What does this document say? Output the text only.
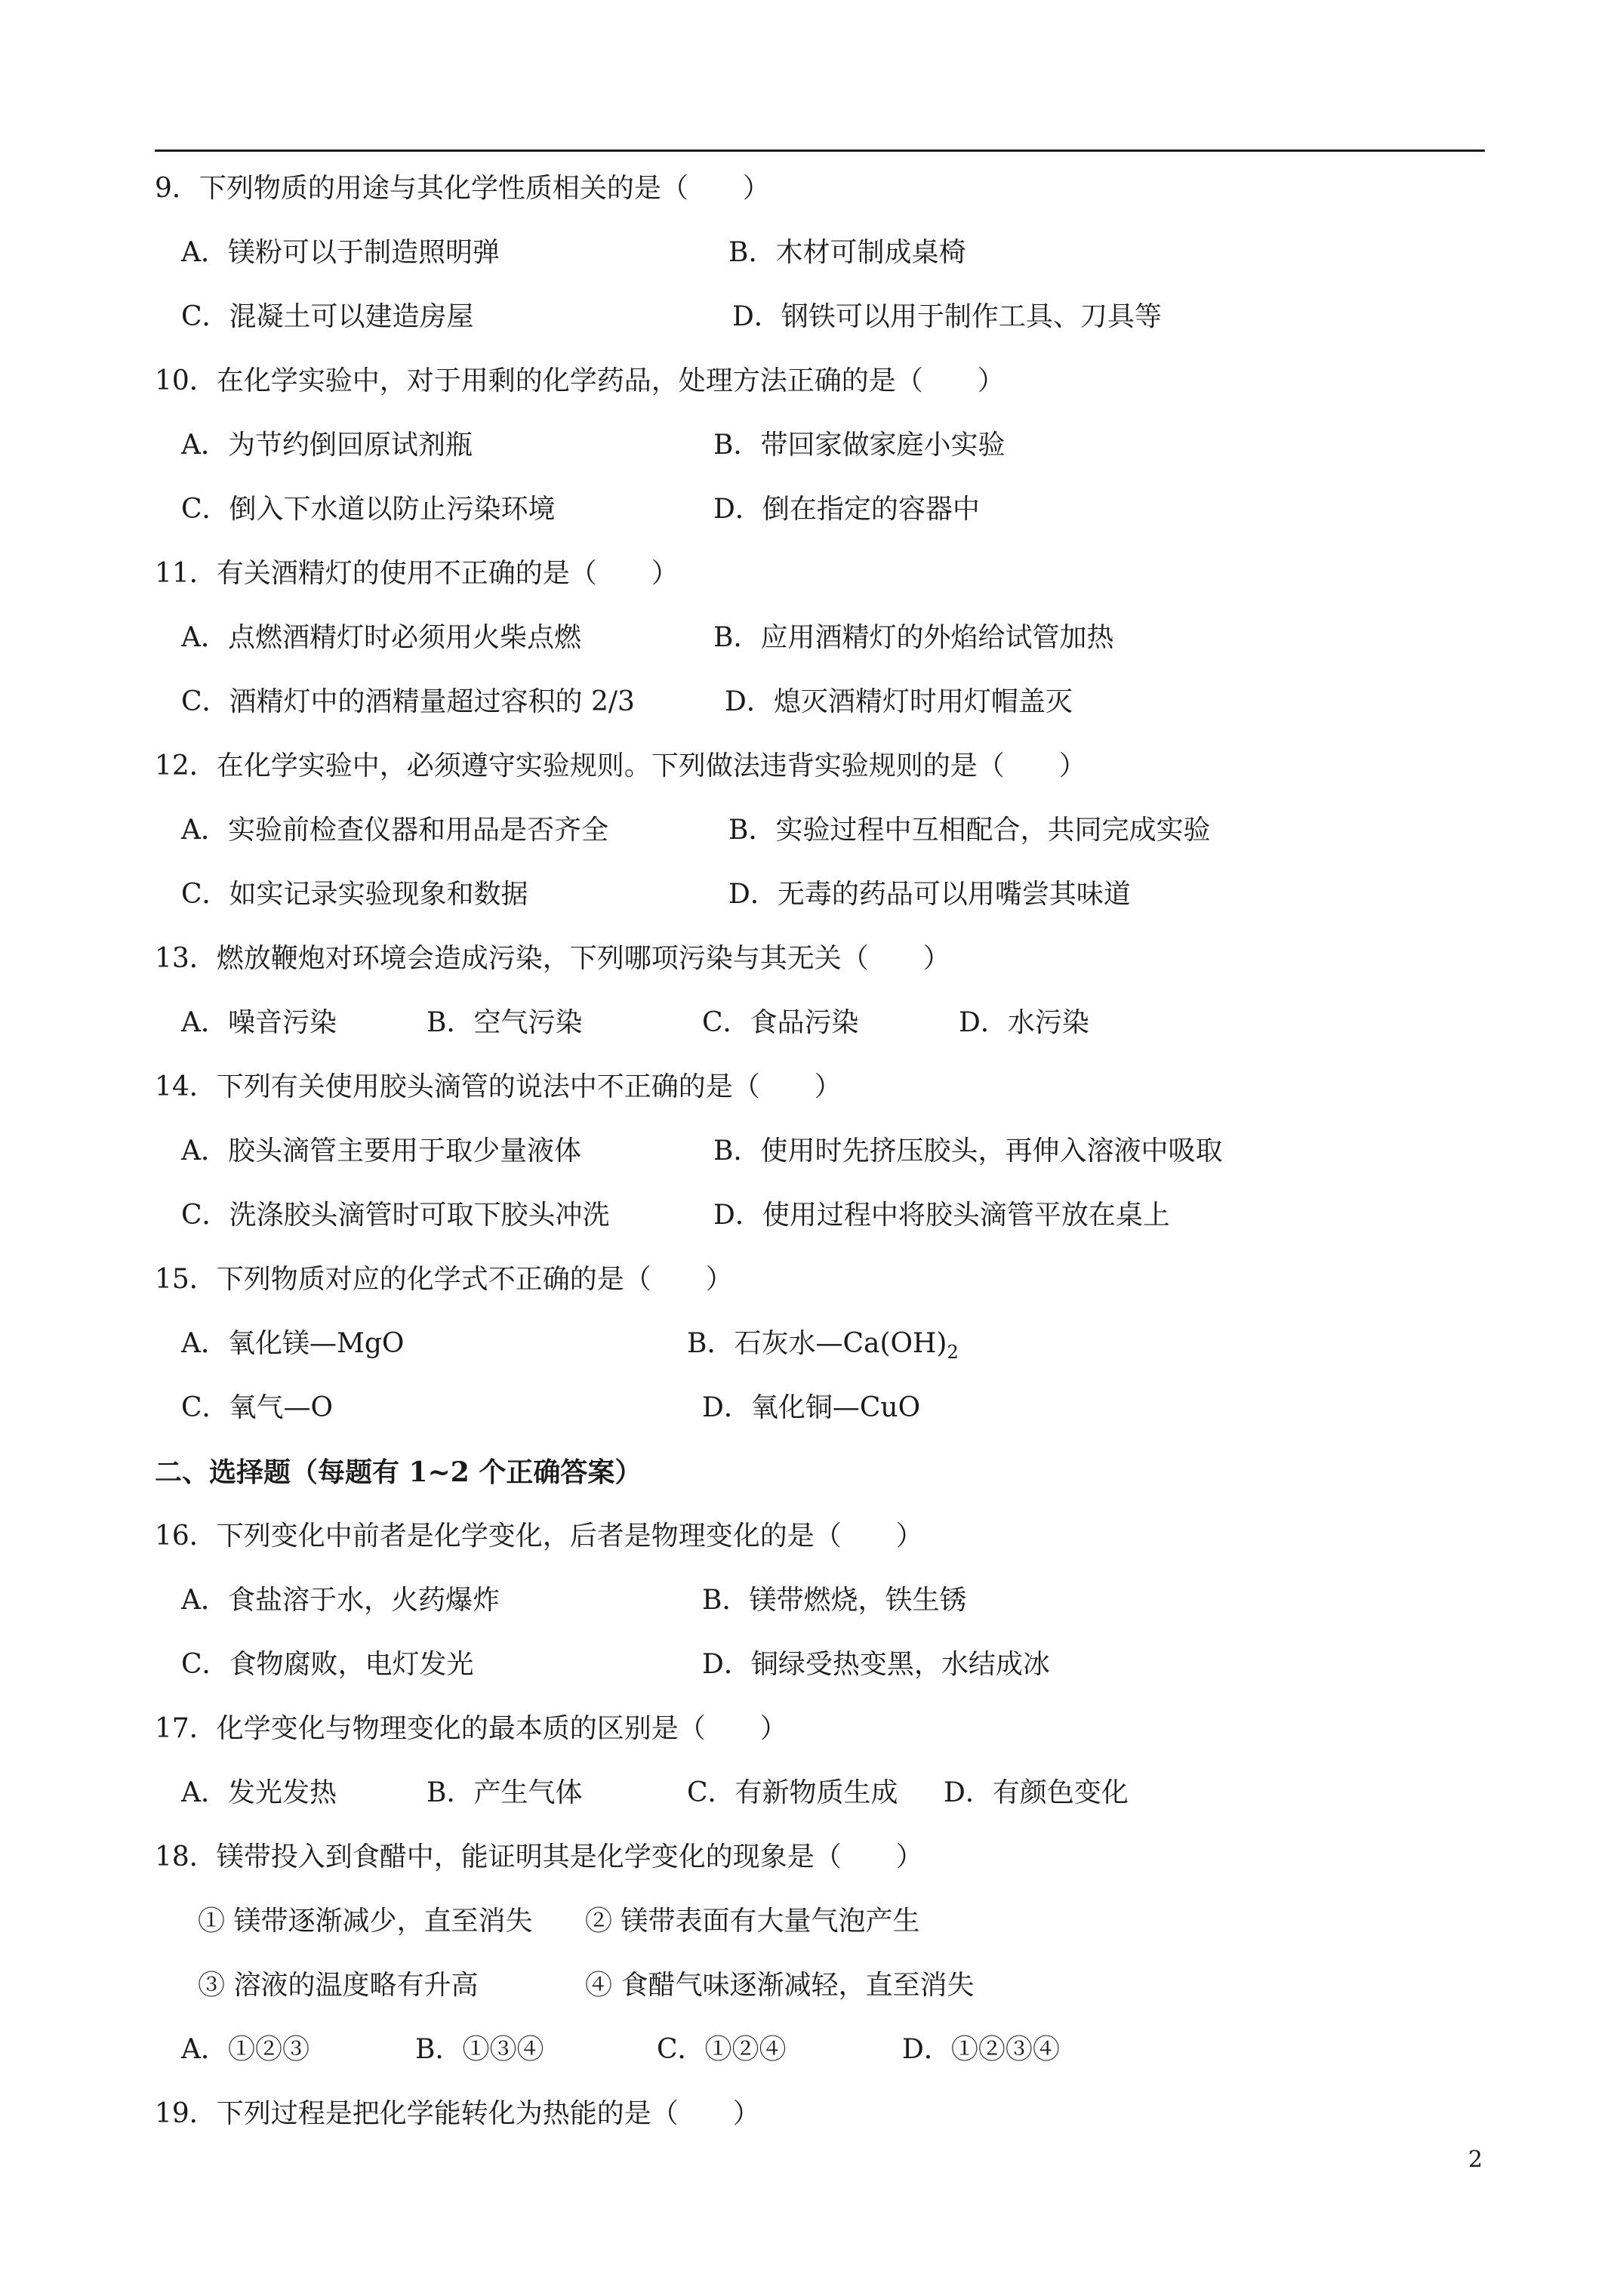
9．下列物质的用途与其化学性质相关的是（　　）
A．镁粉可以于制造照明弹	B．木材可制成桌椅
C．混凝土可以建造房屋	D．钢铁可以用于制作工具、刀具等
10．在化学实验中，对于用剩的化学药品，处理方法正确的是（　　）
A．为节约倒回原试剂瓶	B．带回家做家庭小实验
C．倒入下水道以防止污染环境	D．倒在指定的容器中
11．有关酒精灯的使用不正确的是（　　）
A．点燃酒精灯时必须用火柴点燃	B．应用酒精灯的外焰给试管加热
C．酒精灯中的酒精量超过容积的 2/3	D．熄灭酒精灯时用灯帽盖灭
12．在化学实验中，必须遵守实验规则。下列做法违背实验规则的是（　　）
A．实验前检查仪器和用品是否齐全	B．实验过程中互相配合，共同完成实验
C．如实记录实验现象和数据	D．无毒的药品可以用嘴尝其味道
13．燃放鞭炮对环境会造成污染，下列哪项污染与其无关（　　）
A．噪音污染	B．空气污染	C．食品污染	D．水污染
14．下列有关使用胶头滴管的说法中不正确的是（　　）
A．胶头滴管主要用于取少量液体	B．使用时先挤压胶头，再伸入溶液中吸取
C．洗涤胶头滴管时可取下胶头冲洗	D．使用过程中将胶头滴管平放在桌上
15．下列物质对应的化学式不正确的是（　　）
A．氧化镁—MgO	B．石灰水$—Ca(OH)_2$
C．氧气—O	D．氧化铜—CuO
二、选择题（每题有 1~2 个正确答案）
16．下列变化中前者是化学变化，后者是物理变化的是（　　）
A．食盐溶于水，火药爆炸	B．镁带燃烧，铁生锈
C．食物腐败，电灯发光	D．铜绿受热变黑，水结成冰
17．化学变化与物理变化的最本质的区别是（　　）
A．发光发热	B．产生气体	C．有新物质生成 D．有颜色变化
18．镁带投入到食醋中，能证明其是化学变化的现象是（　　）
① 镁带逐渐减少，直至消失 ② 镁带表面有大量气泡产生
③ 溶液的温度略有升高	④ 食醋气味逐渐减轻，直至消失
A．①②③	B．①③④	C．①②④	D．①②③④
19．下列过程是把化学能转化为热能的是（　　）
2
